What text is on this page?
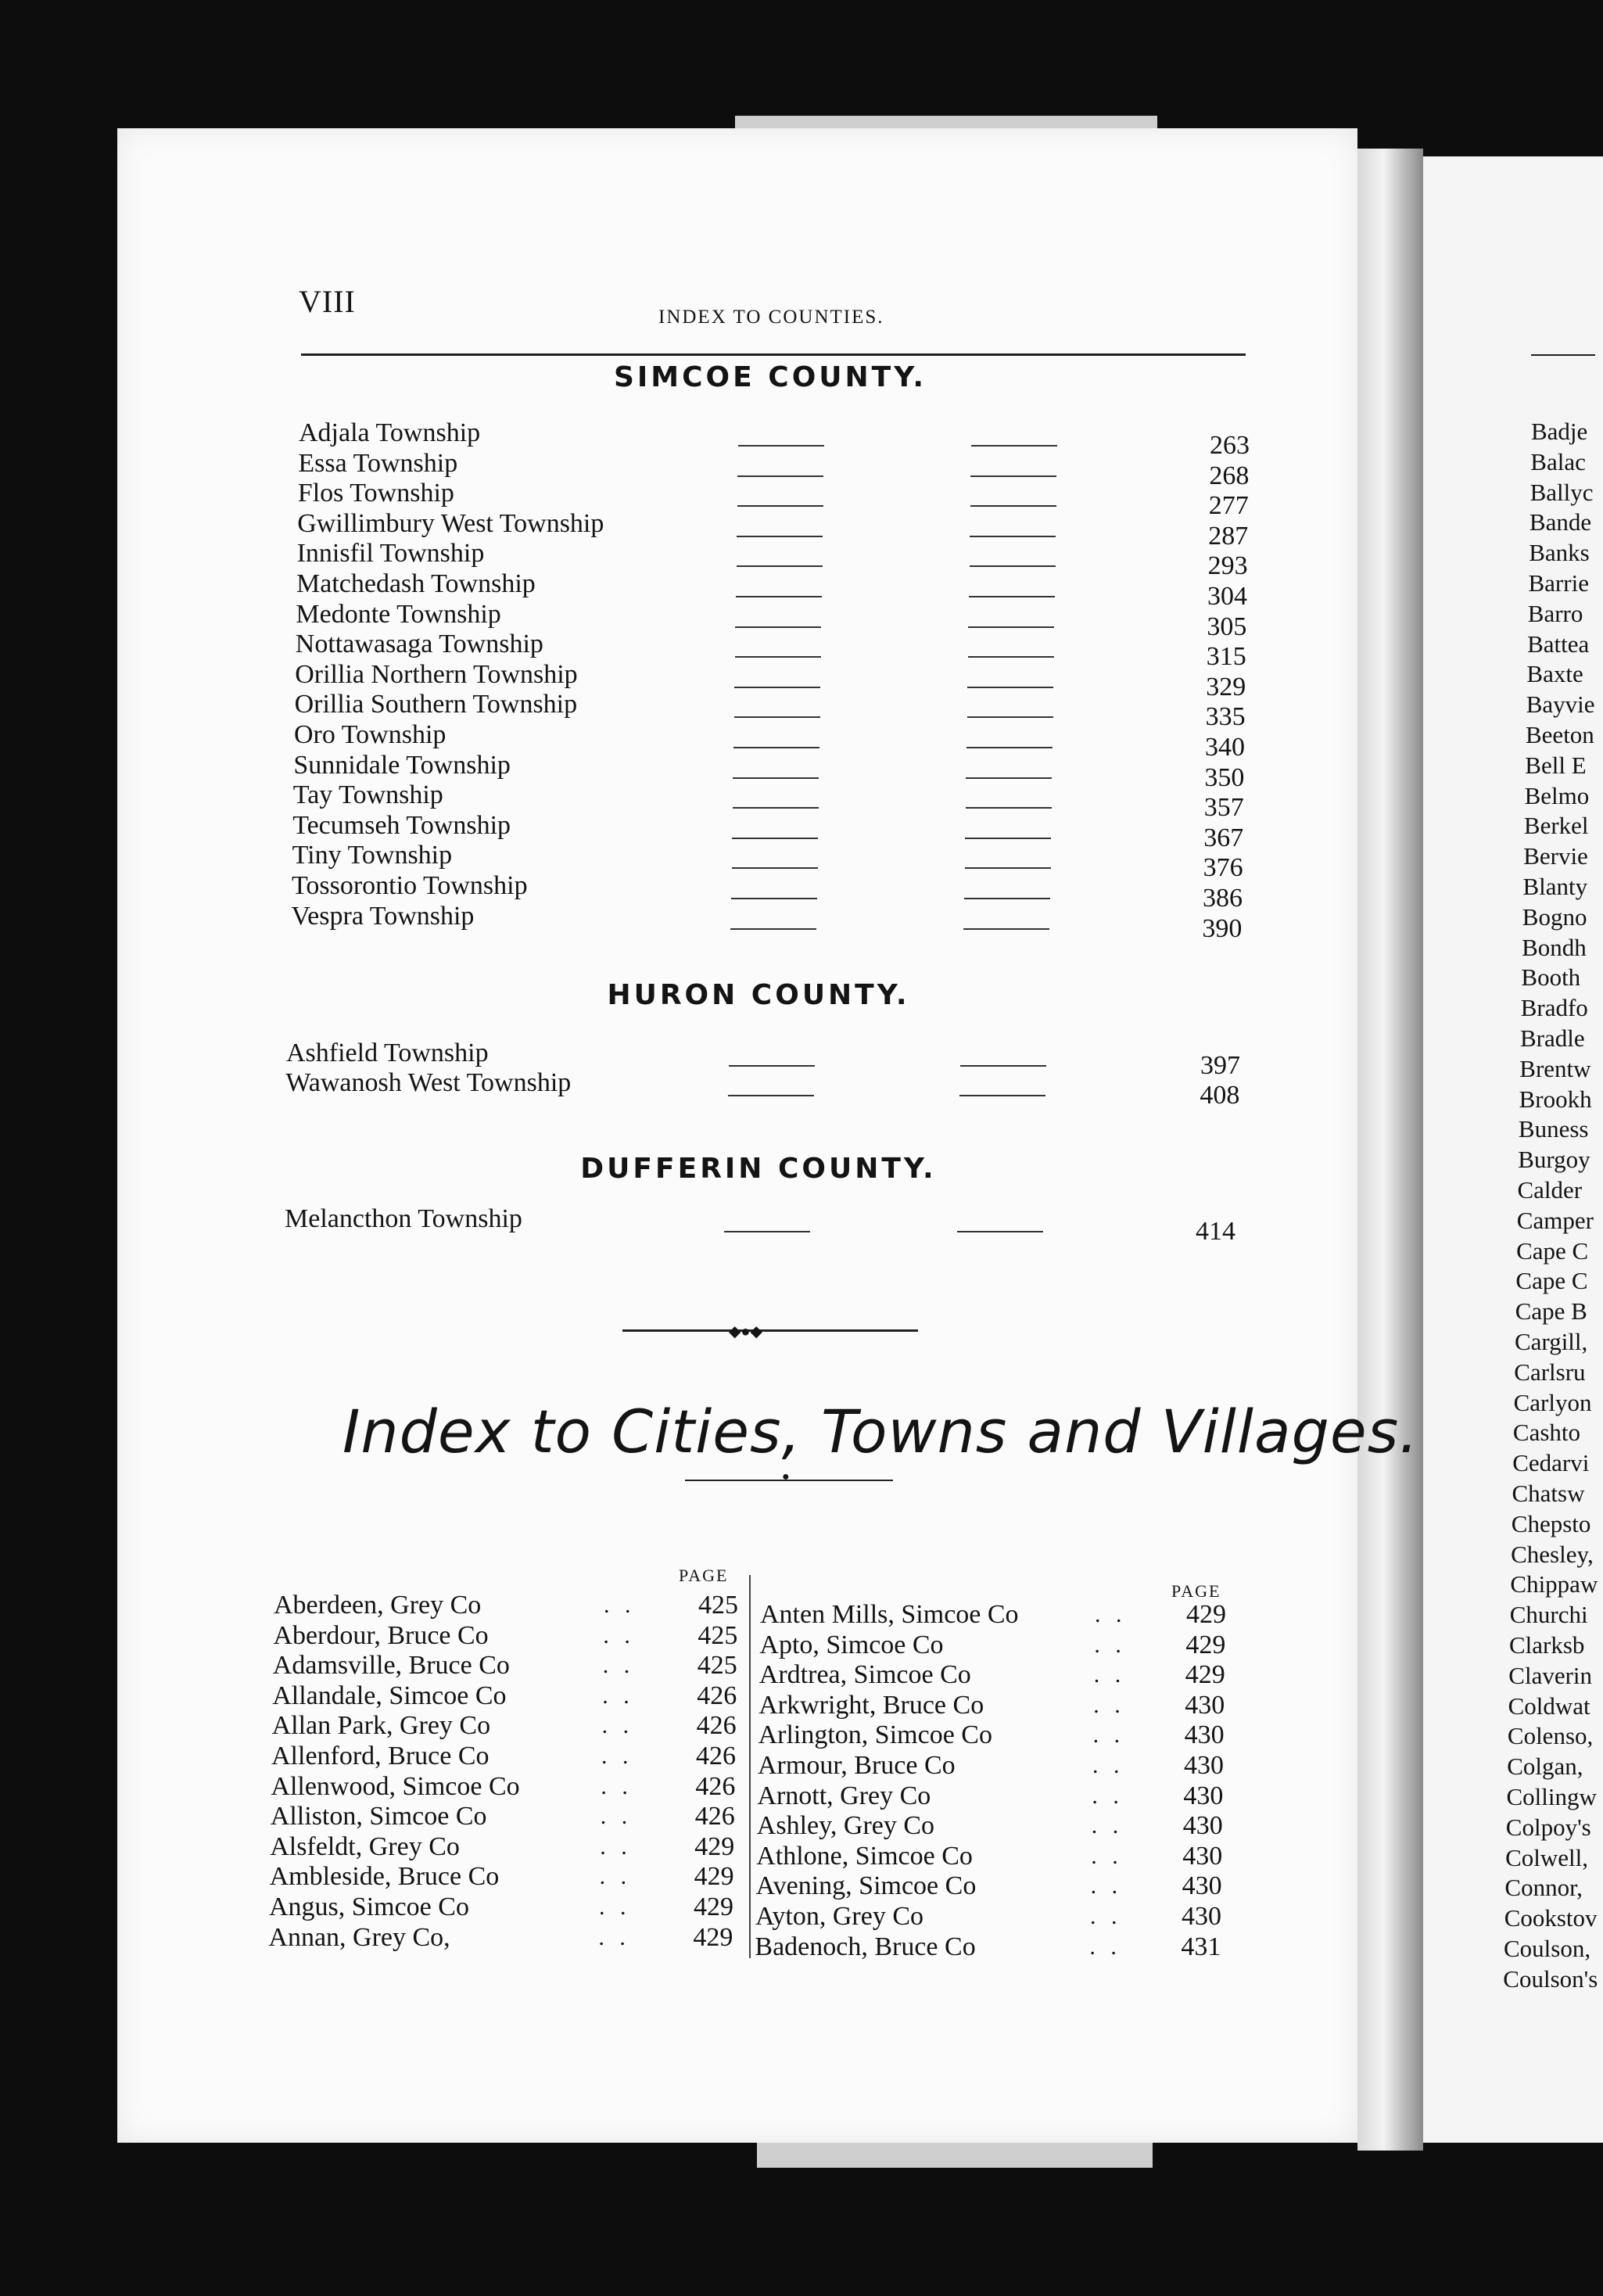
Badje
Balac
Ballyc
Bande
Banks
Barrie
Barro
Battea
Baxte
Bayvie
Beeton
Bell E
Belmo
Berkel
Bervie
Blanty
Bogno
Bondh
Booth
Bradfo
Bradle
Brentw
Brookh
Buness
Burgoy
Calder
Camper
Cape C
Cape C
Cape B
Cargill,
Carlsru
Carlyon
Cashto
Cedarvi
Chatsw
Chepsto
Chesley,
Chippaw
Churchi
Clarksb
Claverin
Coldwat
Colenso,
Colgan,
Collingw
Colpoy's
Colwell,
Connor,
Cookstov
Coulson,
Coulson's
VIII	INDEX TO COUNTIES.
SIMCOE COUNTY.
Adjala Township	263
Essa Township	268
Flos Township	277
Gwillimbury West Township	287
Innisfil Township	293
Matchedash Township	304
Medonte Township	305
Nottawasaga Township	315
Orillia Northern Township	329
Orillia Southern Township	335
Oro Township	340
Sunnidale Township	350
Tay Township	357
Tecumseh Township	367
Tiny Township	376
Tossorontio Township	386
Vespra Township	390
HURON COUNTY.
Ashfield Township	397
Wawanosh West Township	408
DUFFERIN COUNTY.
Melancthon Township	414
◆●◆
Index to Cities, Towns and Villages.
●
PAGE
PAGE
Aberdeen, Grey Co	. .	425
Aberdour, Bruce Co	. .	425
Adamsville, Bruce Co	. .	425
Allandale, Simcoe Co	. .	426
Allan Park, Grey Co	. .	426
Allenford, Bruce Co	. .	426
Allenwood, Simcoe Co	. .	426
Alliston, Simcoe Co	. .	426
Alsfeldt, Grey Co	. .	429
Ambleside, Bruce Co	. .	429
Angus, Simcoe Co	. .	429
Annan, Grey Co,	. .	429
Anten Mills, Simcoe Co	. .	429
Apto, Simcoe Co	. .	429
Ardtrea, Simcoe Co	. .	429
Arkwright, Bruce Co	. .	430
Arlington, Simcoe Co	. .	430
Armour, Bruce Co	. .	430
Arnott, Grey Co	. .	430
Ashley, Grey Co	. .	430
Athlone, Simcoe Co	. .	430
Avening, Simcoe Co	. .	430
Ayton, Grey Co	. .	430
Badenoch, Bruce Co	. .	431
